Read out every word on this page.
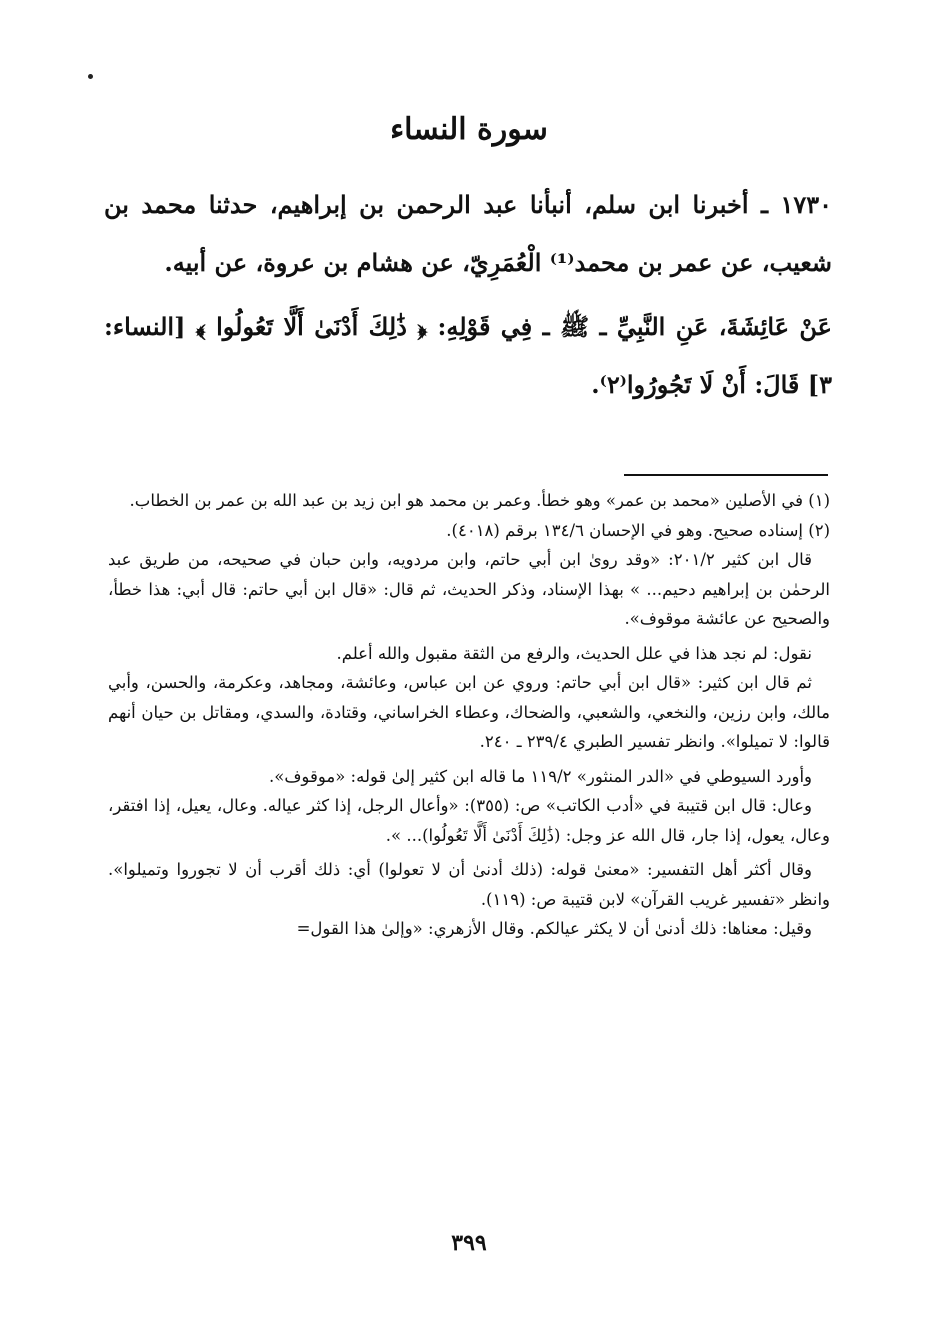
سورة النساء

١٧٣٠ ـ أخبرنا ابن سلم، أنبأنا عبد الرحمن بن إبراهيم، حدثنا محمد بن شعيب، عن عمر بن محمد⁽¹⁾ الْعُمَرِيّ، عن هشام بن عروة، عن أبيه.

عَنْ عَائِشَةَ، عَنِ النَّبِيِّ ـ ﷺ ـ فِي قَوْلِهِ: ﴿ ذَٰلِكَ أَدْنَىٰ أَلَّا تَعُولُوا ﴾ [النساء: ٣] قَالَ: أَنْ لَا تَجُورُوا⁽٢⁾.

(١) في الأصلين «محمد بن عمر» وهو خطأ. وعمر بن محمد هو ابن زيد بن عبد الله بن عمر بن الخطاب.

(٢) إسناده صحيح. وهو في الإحسان ١٣٤/٦ برقم (٤٠١٨).

قال ابن كثير ٢٠١/٢: «وقد روىٰ ابن أبي حاتم، وابن مردويه، وابن حبان في صحيحه، من طريق عبد الرحمٰن بن إبراهيم دحيم... » بهذا الإسناد، وذكر الحديث، ثم قال: «قال ابن أبي حاتم: قال أبي: هذا خطأ، والصحيح عن عائشة موقوف».

نقول: لم نجد هذا في علل الحديث، والرفع من الثقة مقبول والله أعلم.

ثم قال ابن كثير: «قال ابن أبي حاتم: وروي عن ابن عباس، وعائشة، ومجاهد، وعكرمة، والحسن، وأبي مالك، وابن رزين، والنخعي، والشعبي، والضحاك، وعطاء الخراساني، وقتادة، والسدي، ومقاتل بن حيان أنهم قالوا: لا تميلوا». وانظر تفسير الطبري ٢٣٩/٤ ـ ٢٤٠.

وأورد السيوطي في «الدر المنثور» ١١٩/٢ ما قاله ابن كثير إلىٰ قوله: «موقوف».

وعال: قال ابن قتيبة في «أدب الكاتب» ص: (٣٥٥): «وأعال الرجل، إذا كثر عياله. وعال، يعيل، إذا افتقر، وعال، يعول، إذا جار، قال الله عز وجل: (ذَٰلِكَ أَدْنَىٰ أَلَّا تَعُولُوا)... ».

وقال أكثر أهل التفسير: «معنىٰ قوله: (ذلك أدنىٰ أن لا تعولوا) أي: ذلك أقرب أن لا تجوروا وتميلوا». وانظر «تفسير غريب القرآن» لابن قتيبة ص: (١١٩).

وقيل: معناها: ذلك أدنىٰ أن لا يكثر عيالكم. وقال الأزهري: «وإلىٰ هذا القول=

٣٩٩
